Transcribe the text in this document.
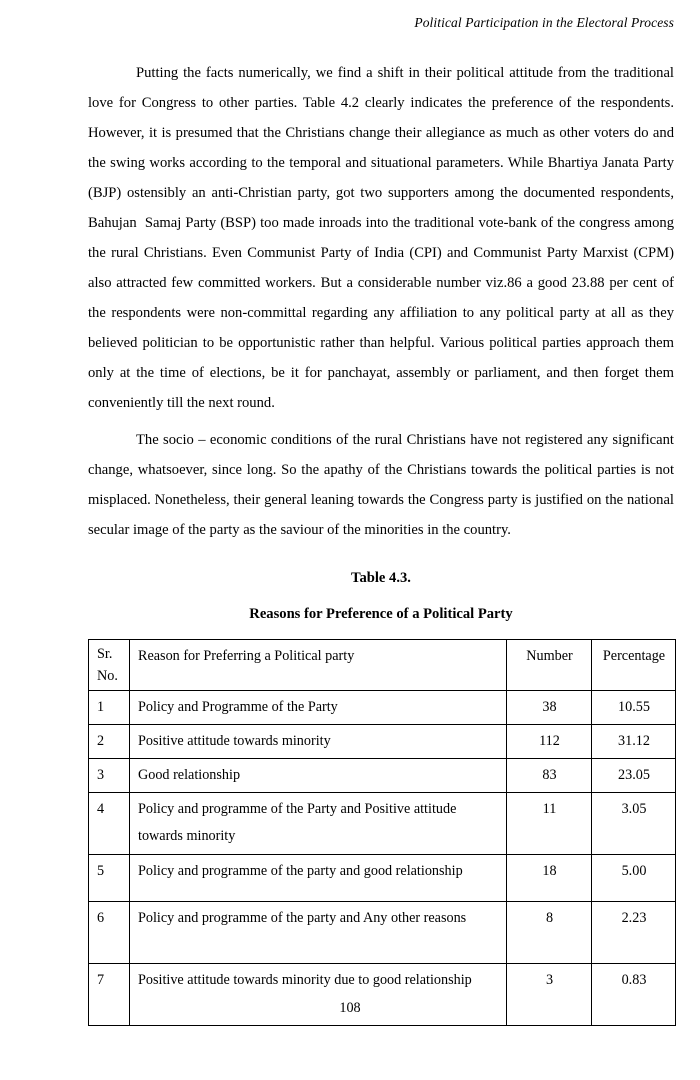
Political Participation in the Electoral Process

Putting the facts numerically, we find a shift in their political attitude from the traditional love for Congress to other parties. Table 4.2 clearly indicates the preference of the respondents. However, it is presumed that the Christians change their allegiance as much as other voters do and the swing works according to the temporal and situational parameters. While Bhartiya Janata Party (BJP) ostensibly an anti-Christian party, got two supporters among the documented respondents, Bahujan  Samaj Party (BSP) too made inroads into the traditional vote-bank of the congress among the rural Christians. Even Communist Party of India (CPI) and Communist Party Marxist (CPM) also attracted few committed workers. But a considerable number viz.86 a good 23.88 per cent of the respondents were non-committal regarding any affiliation to any political party at all as they believed politician to be opportunistic rather than helpful. Various political parties approach them only at the time of elections, be it for panchayat, assembly or parliament, and then forget them conveniently till the next round.

The socio – economic conditions of the rural Christians have not registered any significant change, whatsoever, since long. So the apathy of the Christians towards the political parties is not misplaced. Nonetheless, their general leaning towards the Congress party is justified on the national secular image of the party as the saviour of the minorities in the country.

Table 4.3.
Reasons for Preference of a Political Party
Sr.
No.	Reason for Preferring a Political party	Number	Percentage
1	Policy and Programme of the Party	38	10.55
2	Positive attitude towards minority	112	31.12
3	Good relationship	83	23.05
4	Policy and programme of the Party and Positive attitude towards minority	11	3.05
5	Policy and programme of the party and good relationship	18	5.00
6	Policy and programme of the party and Any other reasons	8	2.23
7	Positive attitude towards minority due to good relationship	3	0.83
108
